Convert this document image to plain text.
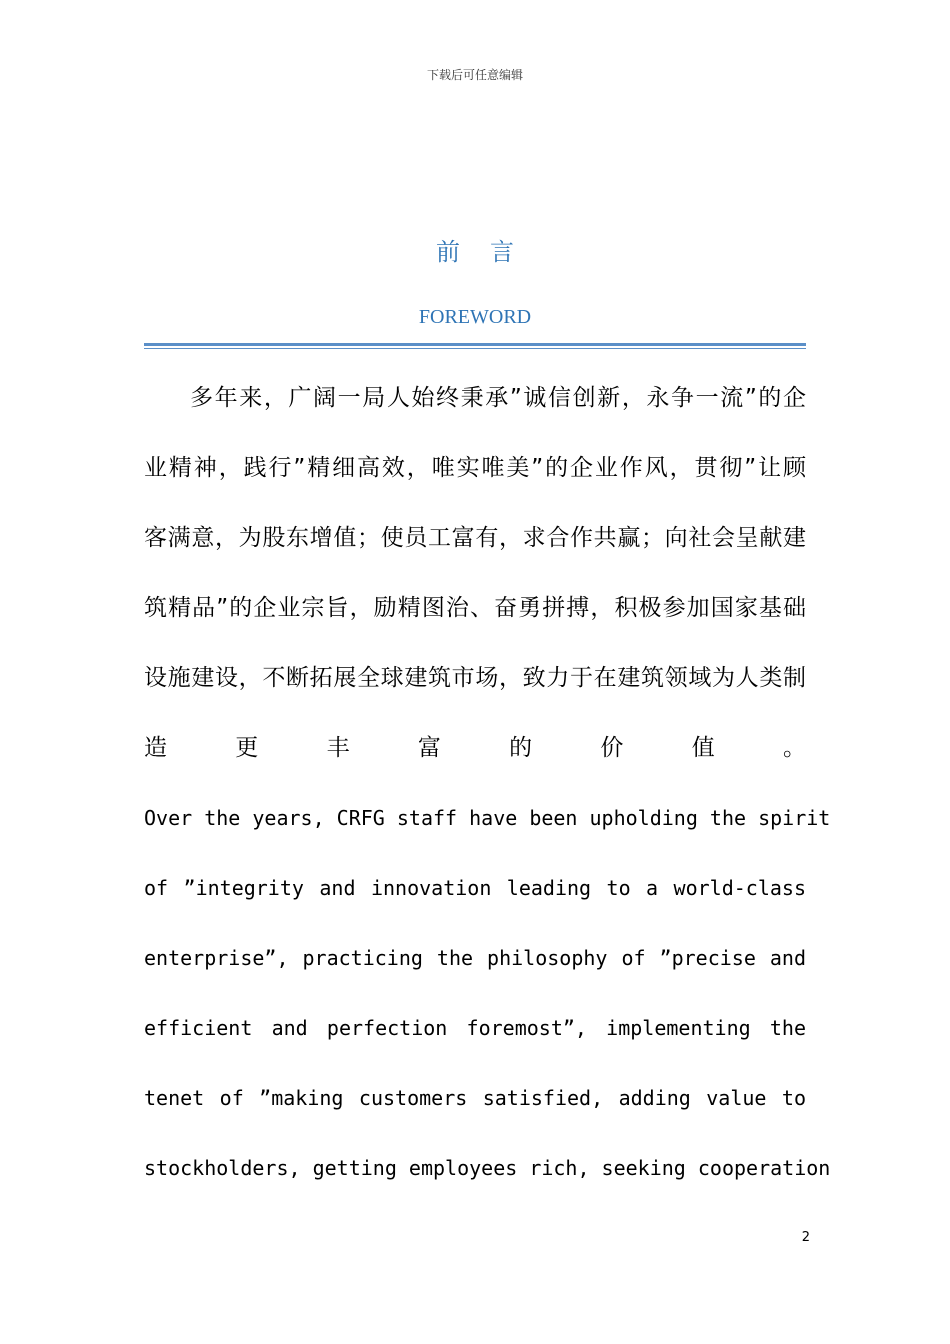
下载后可任意编辑
前言
FOREWORD
多年来，广阔一局人始终秉承”诚信创新，永争一流”的企
业精神，践行”精细高效，唯实唯美”的企业作风，贯彻”让顾
客满意，为股东增值；使员工富有，求合作共赢；向社会呈献建
筑精品”的企业宗旨，励精图治、奋勇拼搏，积极参加国家基础
设施建设，不断拓展全球建筑市场，致力于在建筑领域为人类制
造 更 丰 富 的 价 值 。
Over the years, CRFG staff have been upholding the spirit
of ”integrity and innovation leading to a world-class
enterprise”, practicing the philosophy of ”precise and
efficient and perfection foremost”, implementing the
tenet of ”making customers satisfied, adding value to
stockholders, getting employees rich, seeking cooperation
2
